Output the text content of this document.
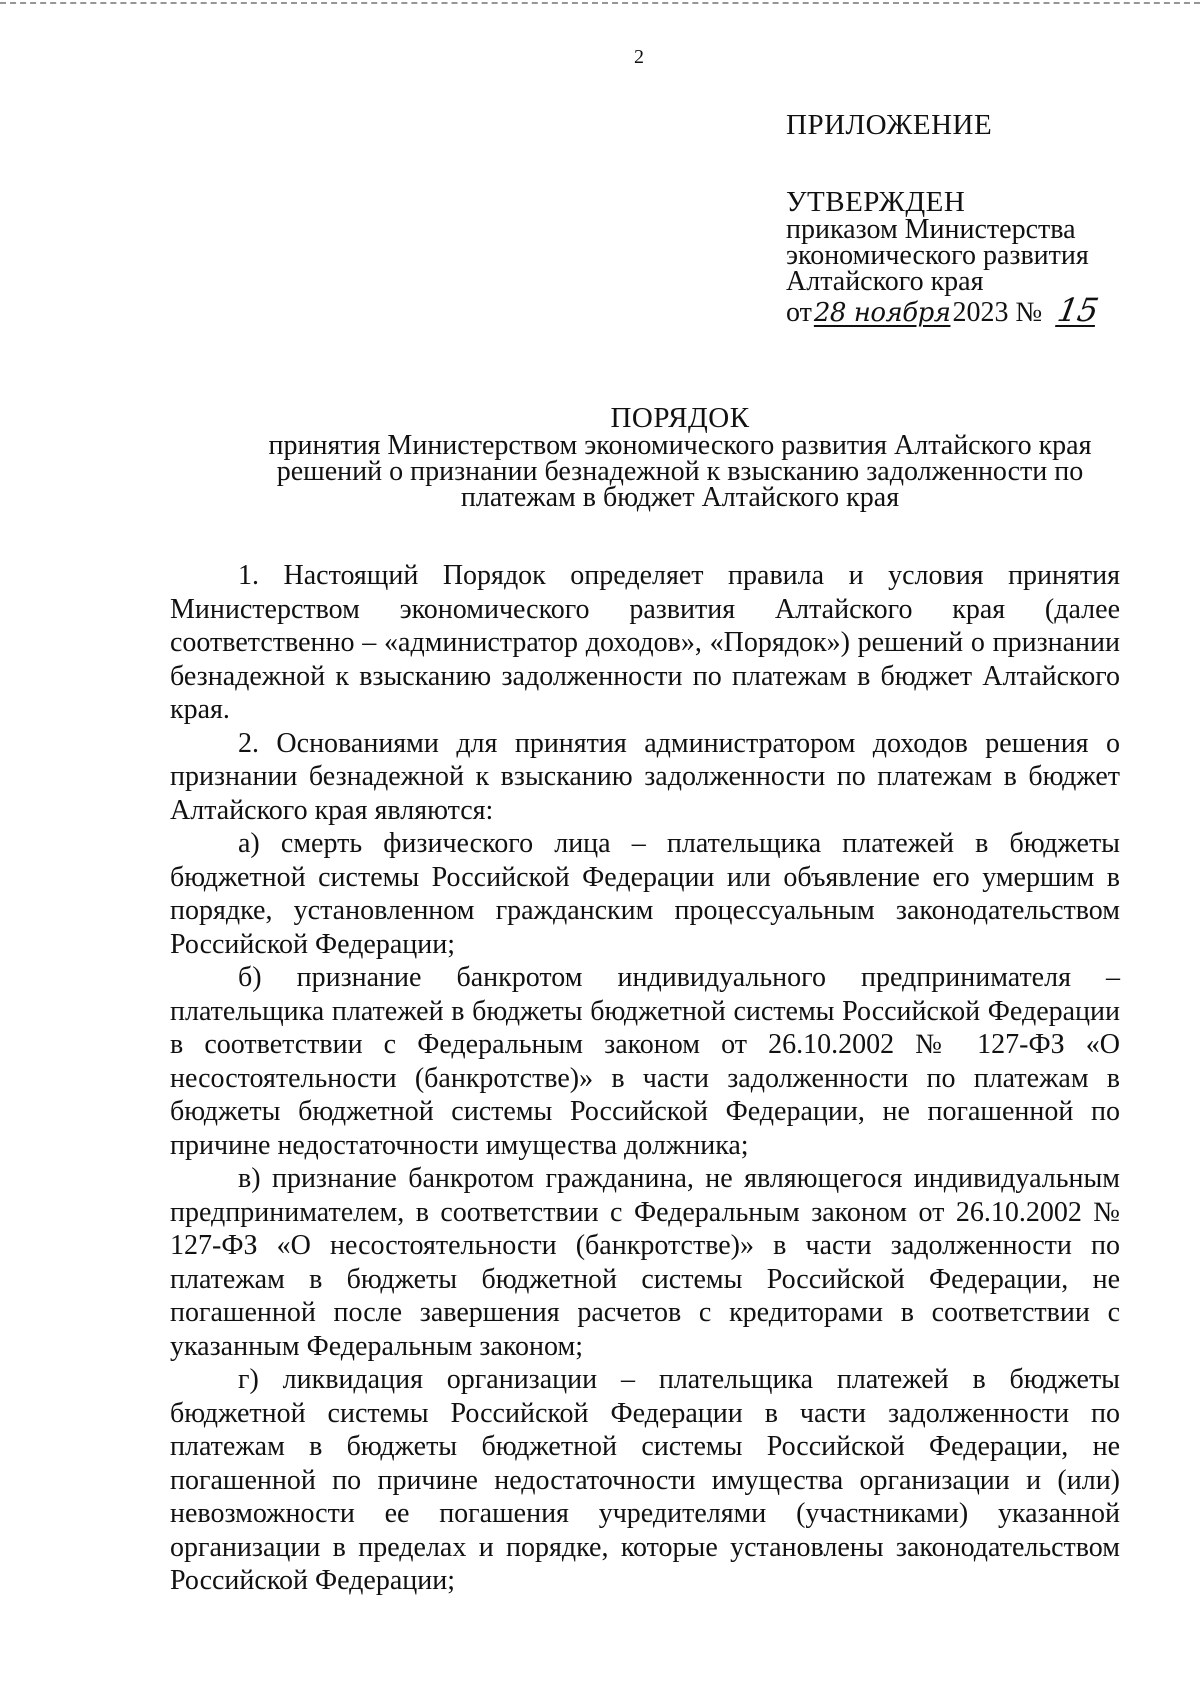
2
ПРИЛОЖЕНИЕ
УТВЕРЖДЕН
приказом Министерства
экономического развития
Алтайского края
от28 ноября2023 № 15
ПОРЯДОК
принятия Министерством экономического развития Алтайского края
решений о признании безнадежной к взысканию задолженности по
платежам в бюджет Алтайского края

1. Настоящий Порядок определяет правила и условия принятия Министерством экономического развития Алтайского края (далее соответственно – «администратор доходов», «Порядок») решений о признании безнадежной к взысканию задолженности по платежам в бюджет Алтайского края.

2. Основаниями для принятия администратором доходов решения о признании безнадежной к взысканию задолженности по платежам в бюджет Алтайского края являются:

а) смерть физического лица – плательщика платежей в бюджеты бюджетной системы Российской Федерации или объявление его умершим в порядке, установленном гражданским процессуальным законодательством Российской Федерации;

б) признание банкротом индивидуального предпринимателя – плательщика платежей в бюджеты бюджетной системы Российской Федерации в соответствии с Федеральным законом от 26.10.2002 № 127-ФЗ «О несостоятельности (банкротстве)» в части задолженности по платежам в бюджеты бюджетной системы Российской Федерации, не погашенной по причине недостаточности имущества должника;

в) признание банкротом гражданина, не являющегося индивидуальным предпринимателем, в соответствии с Федеральным законом от 26.10.2002 № 127-ФЗ «О несостоятельности (банкротстве)» в части задолженности по платежам в бюджеты бюджетной системы Российской Федерации, не погашенной после завершения расчетов с кредиторами в соответствии с указанным Федеральным законом;

г) ликвидация организации – плательщика платежей в бюджеты бюджетной системы Российской Федерации в части задолженности по платежам в бюджеты бюджетной системы Российской Федерации, не погашенной по причине недостаточности имущества организации и (или) невозможности ее погашения учредителями (участниками) указанной организации в пределах и порядке, которые установлены законодательством Российской Федерации;
